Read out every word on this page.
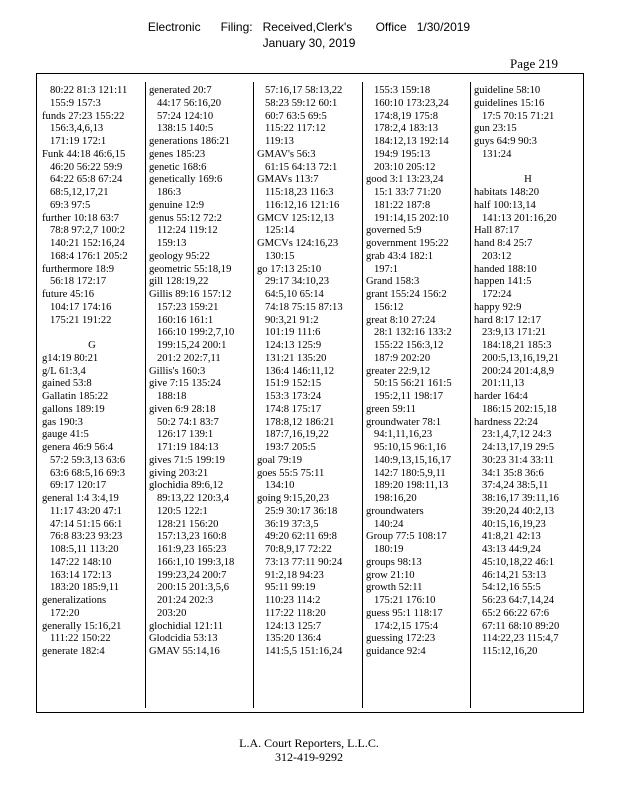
Electronic      Filing:   Received,Clerk's       Office   1/30/2019
January 30, 2019
Page 219
80:22 81:3 121:11
155:9 157:3
funds 27:23 155:22
156:3,4,6,13
171:19 172:1
Funk 44:18 46:6,15
46:20 56:22 59:9
64:22 65:8 67:24
68:5,12,17,21
69:3 97:5
further 10:18 63:7
78:8 97:2,7 100:2
140:21 152:16,24
168:4 176:1 205:2
furthermore 18:9
56:18 172:17
future 45:16
104:17 174:16
175:21 191:22
G
g14:19 80:21
g/L 61:3,4
gained 53:8
Gallatin 185:22
gallons 189:19
gas 190:3
gauge 41:5
genera 46:9 56:4
57:2 59:3,13 63:6
63:6 68:5,16 69:3
69:17 120:17
general 1:4 3:4,19
11:17 43:20 47:1
47:14 51:15 66:1
76:8 83:23 93:23
108:5,11 113:20
147:22 148:10
163:14 172:13
183:20 185:9,11
generalizations
172:20
generally 15:16,21
111:22 150:22
generate 182:4
generated 20:7
44:17 56:16,20
57:24 124:10
138:15 140:5
generations 186:21
genes 185:23
genetic 168:6
genetically 169:6
186:3
genuine 12:9
genus 55:12 72:2
112:24 119:12
159:13
geology 95:22
geometric 55:18,19
gill 128:19,22
Gillis 89:16 157:12
157:23 159:21
160:16 161:1
166:10 199:2,7,10
199:15,24 200:1
201:2 202:7,11
Gillis's 160:3
give 7:15 135:24
188:18
given 6:9 28:18
50:2 74:1 83:7
126:17 139:1
171:19 184:13
gives 71:5 199:19
giving 203:21
glochidia 89:6,12
89:13,22 120:3,4
120:5 122:1
128:21 156:20
157:13,23 160:8
161:9,23 165:23
166:1,10 199:3,18
199:23,24 200:7
200:15 201:3,5,6
201:24 202:3
203:20
glochidial 121:11
Glodcidia 53:13
GMAV 55:14,16
57:16,17 58:13,22
58:23 59:12 60:1
60:7 63:5 69:5
115:22 117:12
119:13
GMAV's 56:3
61:15 64:13 72:1
GMAVs 113:7
115:18,23 116:3
116:12,16 121:16
GMCV 125:12,13
125:14
GMCVs 124:16,23
130:15
go 17:13 25:10
29:17 34:10,23
64:5,10 65:14
74:18 75:15 87:13
90:3,21 91:2
101:19 111:6
124:13 125:9
131:21 135:20
136:4 146:11,12
151:9 152:15
153:3 173:24
174:8 175:17
178:8,12 186:21
187:7,16,19,22
193:7 205:5
goal 79:19
goes 55:5 75:11
134:10
going 9:15,20,23
25:9 30:17 36:18
36:19 37:3,5
49:20 62:11 69:8
70:8,9,17 72:22
73:13 77:11 90:24
91:2,18 94:23
95:11 99:19
110:23 114:2
117:22 118:20
124:13 125:7
135:20 136:4
141:5,5 151:16,24
155:3 159:18
160:10 173:23,24
174:8,19 175:8
178:2,4 183:13
184:12,13 192:14
194:9 195:13
203:10 205:12
good 3:1 13:23,24
15:1 33:7 71:20
181:22 187:8
191:14,15 202:10
governed 5:9
government 195:22
grab 43:4 182:1
197:1
Grand 158:3
grant 155:24 156:2
156:12
great 8:10 27:24
28:1 132:16 133:2
155:22 156:3,12
187:9 202:20
greater 22:9,12
50:15 56:21 161:5
195:2,11 198:17
green 59:11
groundwater 78:1
94:1,11,16,23
95:10,15 96:1,16
140:9,13,15,16,17
142:7 180:5,9,11
189:20 198:11,13
198:16,20
groundwaters
140:24
Group 77:5 108:17
180:19
groups 98:13
grow 21:10
growth 52:11
175:21 176:10
guess 95:1 118:17
174:2,15 175:4
guessing 172:23
guidance 92:4
guideline 58:10
guidelines 15:16
17:5 70:15 71:21
gun 23:15
guys 64:9 90:3
131:24
H
habitats 148:20
half 100:13,14
141:13 201:16,20
Hall 87:17
hand 8:4 25:7
203:12
handed 188:10
happen 141:5
172:24
happy 92:9
hard 8:17 12:17
23:9,13 171:21
184:18,21 185:3
200:5,13,16,19,21
200:24 201:4,8,9
201:11,13
harder 164:4
186:15 202:15,18
hardness 22:24
23:1,4,7,12 24:3
24:13,17,19 29:5
30:23 31:4 33:11
34:1 35:8 36:6
37:4,24 38:5,11
38:16,17 39:11,16
39:20,24 40:2,13
40:15,16,19,23
41:8,21 42:13
43:13 44:9,24
45:10,18,22 46:1
46:14,21 53:13
54:12,16 55:5
56:23 64:7,14,24
65:2 66:22 67:6
67:11 68:10 89:20
114:22,23 115:4,7
115:12,16,20
L.A. Court Reporters, L.L.C.
312-419-9292
